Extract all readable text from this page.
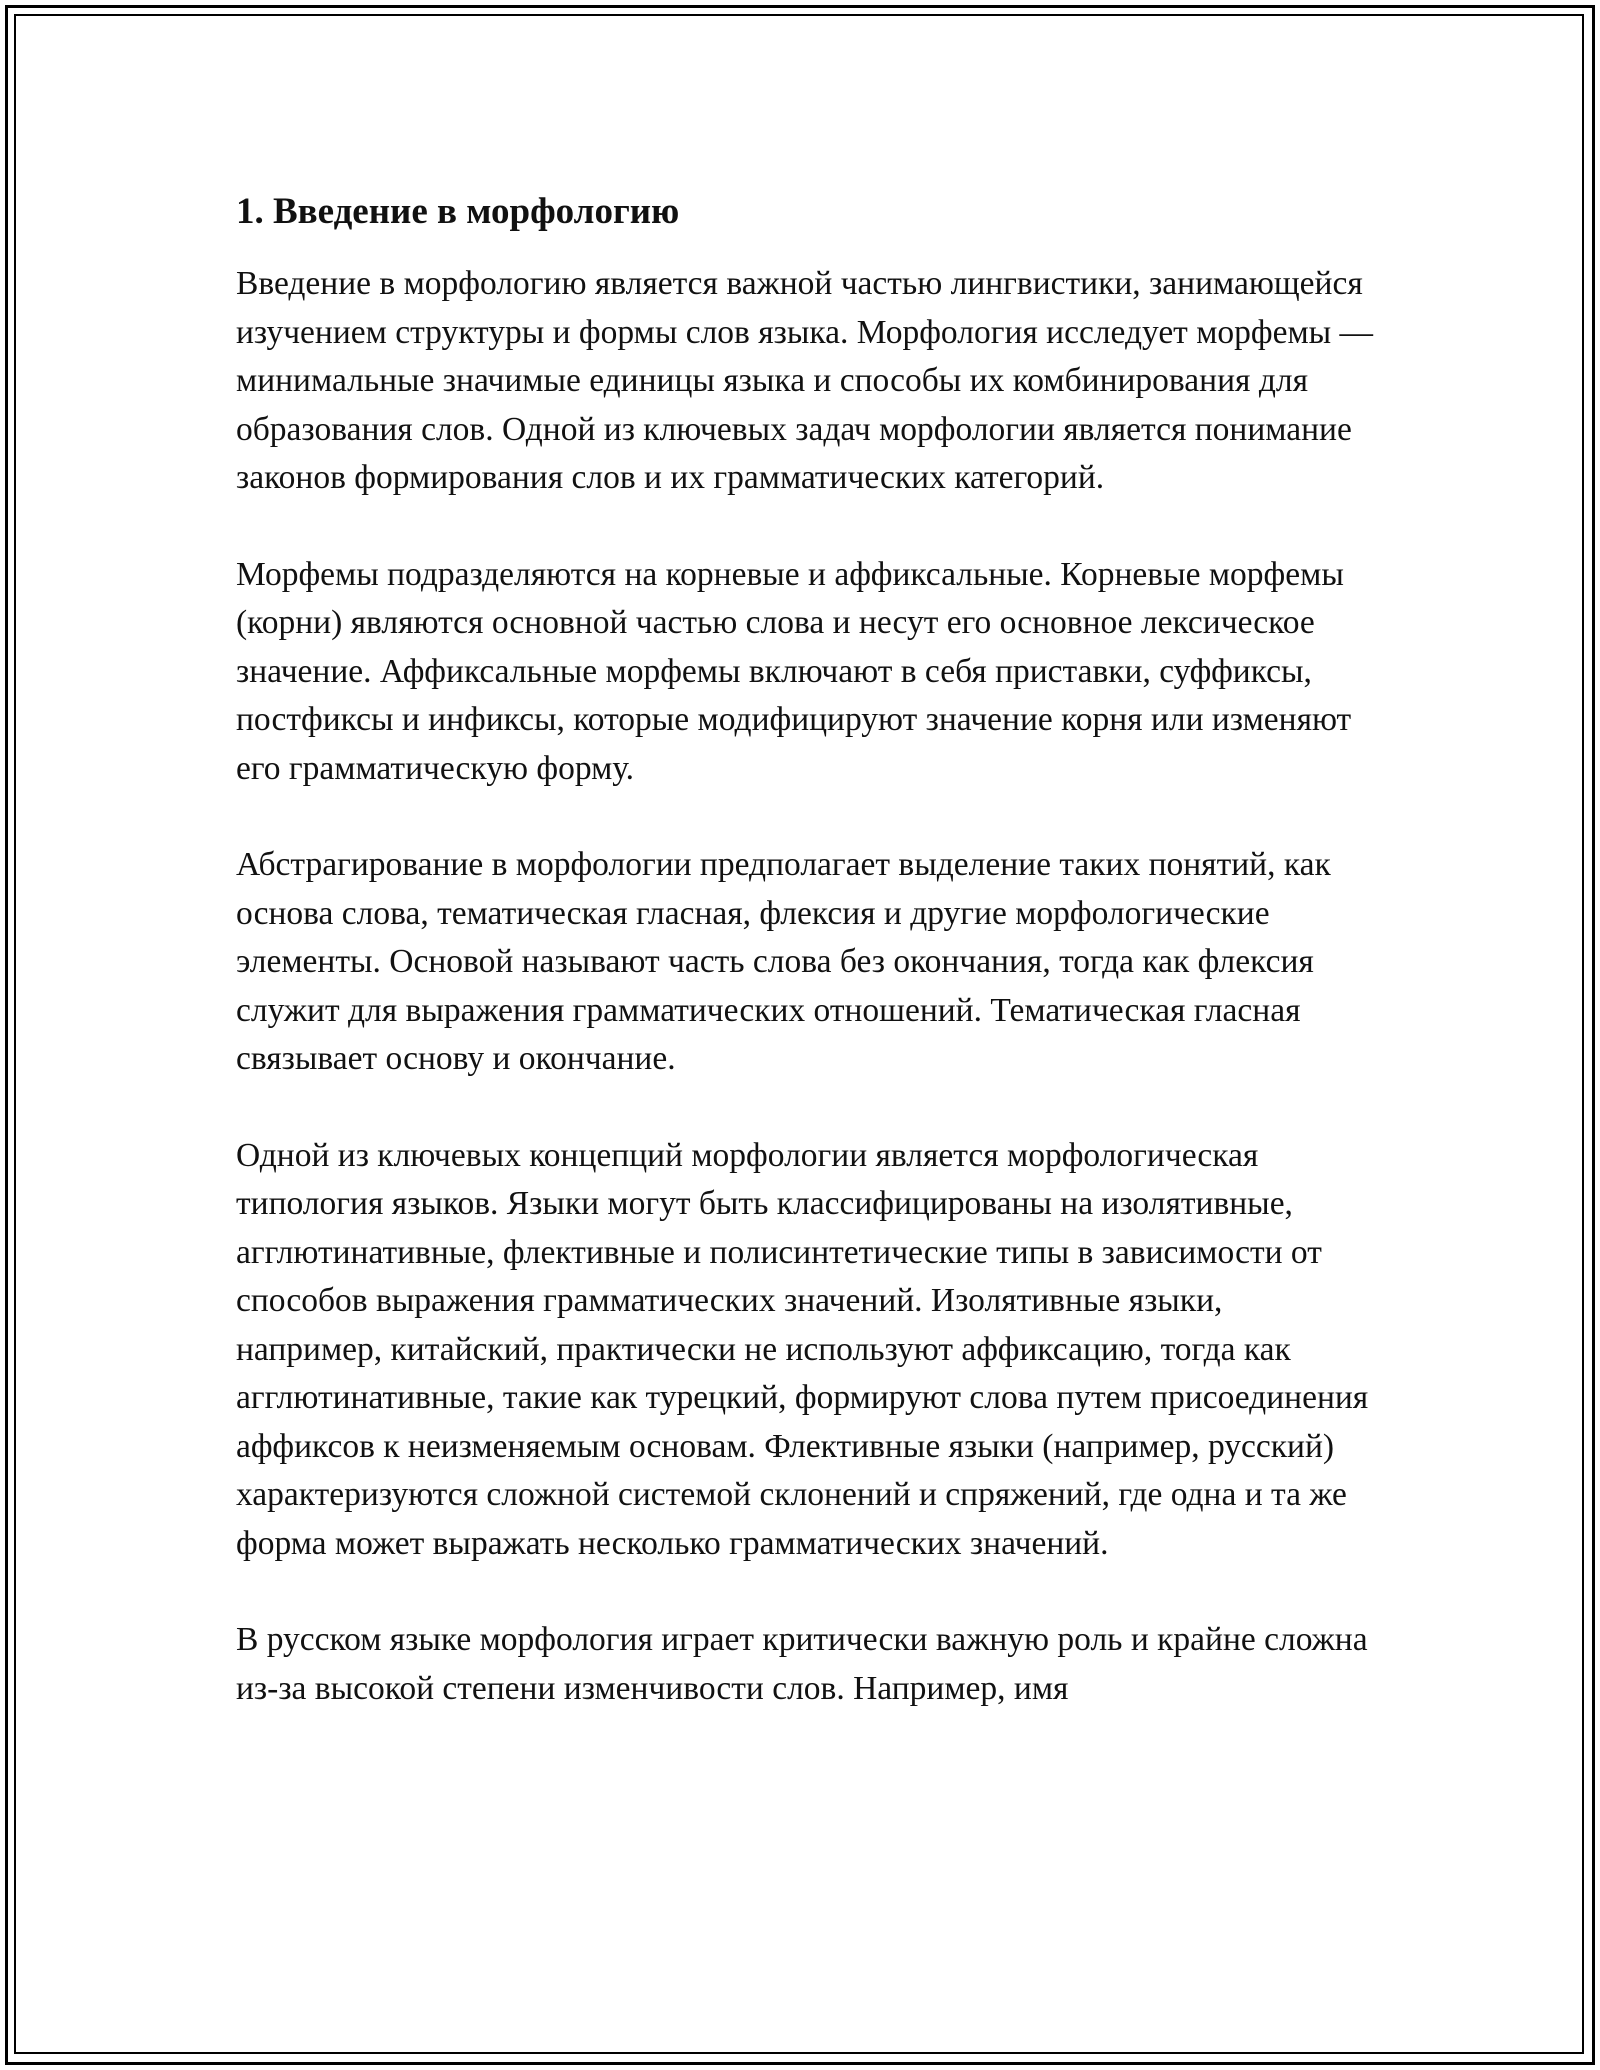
1. Введение в морфологию

Введение в морфологию является важной частью лингвистики, занимающейся изучением структуры и формы слов языка. Морфология исследует морфемы — минимальные значимые единицы языка и способы их комбинирования для образования слов. Одной из ключевых задач морфологии является понимание законов формирования слов и их грамматических категорий.

Морфемы подразделяются на корневые и аффиксальные. Корневые морфемы (корни) являются основной частью слова и несут его основное лексическое значение. Аффиксальные морфемы включают в себя приставки, суффиксы, постфиксы и инфиксы, которые модифицируют значение корня или изменяют его грамматическую форму.

Абстрагирование в морфологии предполагает выделение таких понятий, как основа слова, тематическая гласная, флексия и другие морфологические элементы. Основой называют часть слова без окончания, тогда как флексия служит для выражения грамматических отношений. Тематическая гласная связывает основу и окончание.

Одной из ключевых концепций морфологии является морфологическая типология языков. Языки могут быть классифицированы на изолятивные, агглютинативные, флективные и полисинтетические типы в зависимости от способов выражения грамматических значений. Изолятивные языки, например, китайский, практически не используют аффиксацию, тогда как агглютинативные, такие как турецкий, формируют слова путем присоединения аффиксов к неизменяемым основам. Флективные языки (например, русский) характеризуются сложной системой склонений и спряжений, где одна и та же форма может выражать несколько грамматических значений.

В русском языке морфология играет критически важную роль и крайне сложна из-за высокой степени изменчивости слов. Например, имя
